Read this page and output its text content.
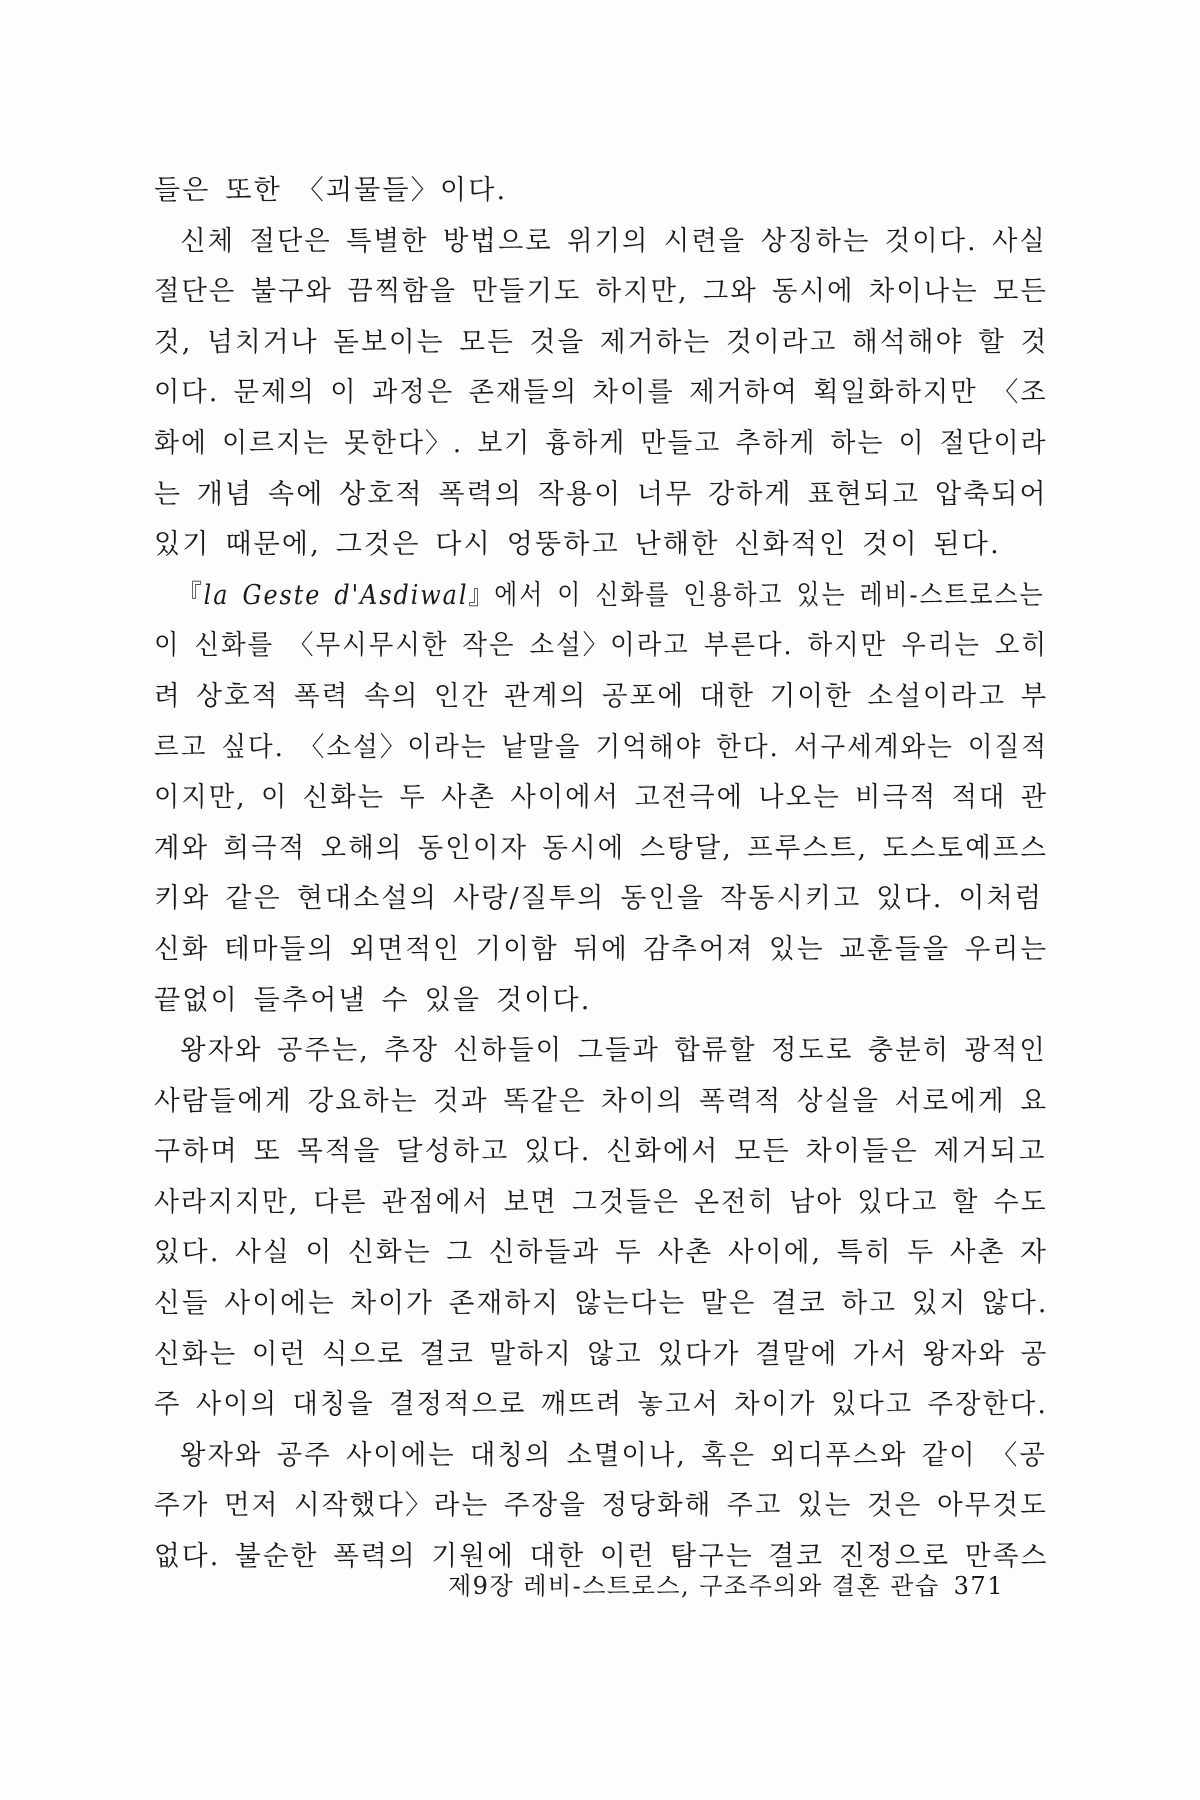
들은 또한 〈괴물들〉이다.
신체 절단은 특별한 방법으로 위기의 시련을 상징하는 것이다. 사실
절단은 불구와 끔찍함을 만들기도 하지만, 그와 동시에 차이나는 모든
것, 넘치거나 돋보이는 모든 것을 제거하는 것이라고 해석해야 할 것
이다. 문제의 이 과정은 존재들의 차이를 제거하여 획일화하지만 〈조
화에 이르지는 못한다〉. 보기 흉하게 만들고 추하게 하는 이 절단이라
는 개념 속에 상호적 폭력의 작용이 너무 강하게 표현되고 압축되어
있기 때문에, 그것은 다시 엉뚱하고 난해한 신화적인 것이 된다.
『la Geste d'Asdiwal』에서 이 신화를 인용하고 있는 레비-스트로스는
이 신화를 〈무시무시한 작은 소설〉이라고 부른다. 하지만 우리는 오히
려 상호적 폭력 속의 인간 관계의 공포에 대한 기이한 소설이라고 부
르고 싶다. 〈소설〉이라는 낱말을 기억해야 한다. 서구세계와는 이질적
이지만, 이 신화는 두 사촌 사이에서 고전극에 나오는 비극적 적대 관
계와 희극적 오해의 동인이자 동시에 스탕달, 프루스트, 도스토예프스
키와 같은 현대소설의 사랑/질투의 동인을 작동시키고 있다. 이처럼
신화 테마들의 외면적인 기이함 뒤에 감추어져 있는 교훈들을 우리는
끝없이 들추어낼 수 있을 것이다.
왕자와 공주는, 추장 신하들이 그들과 합류할 정도로 충분히 광적인
사람들에게 강요하는 것과 똑같은 차이의 폭력적 상실을 서로에게 요
구하며 또 목적을 달성하고 있다. 신화에서 모든 차이들은 제거되고
사라지지만, 다른 관점에서 보면 그것들은 온전히 남아 있다고 할 수도
있다. 사실 이 신화는 그 신하들과 두 사촌 사이에, 특히 두 사촌 자
신들 사이에는 차이가 존재하지 않는다는 말은 결코 하고 있지 않다.
신화는 이런 식으로 결코 말하지 않고 있다가 결말에 가서 왕자와 공
주 사이의 대칭을 결정적으로 깨뜨려 놓고서 차이가 있다고 주장한다.
왕자와 공주 사이에는 대칭의 소멸이나, 혹은 외디푸스와 같이 〈공
주가 먼저 시작했다〉라는 주장을 정당화해 주고 있는 것은 아무것도
없다. 불순한 폭력의 기원에 대한 이런 탐구는 결코 진정으로 만족스
제9장 레비-스트로스, 구조주의와 결혼 관습 371
